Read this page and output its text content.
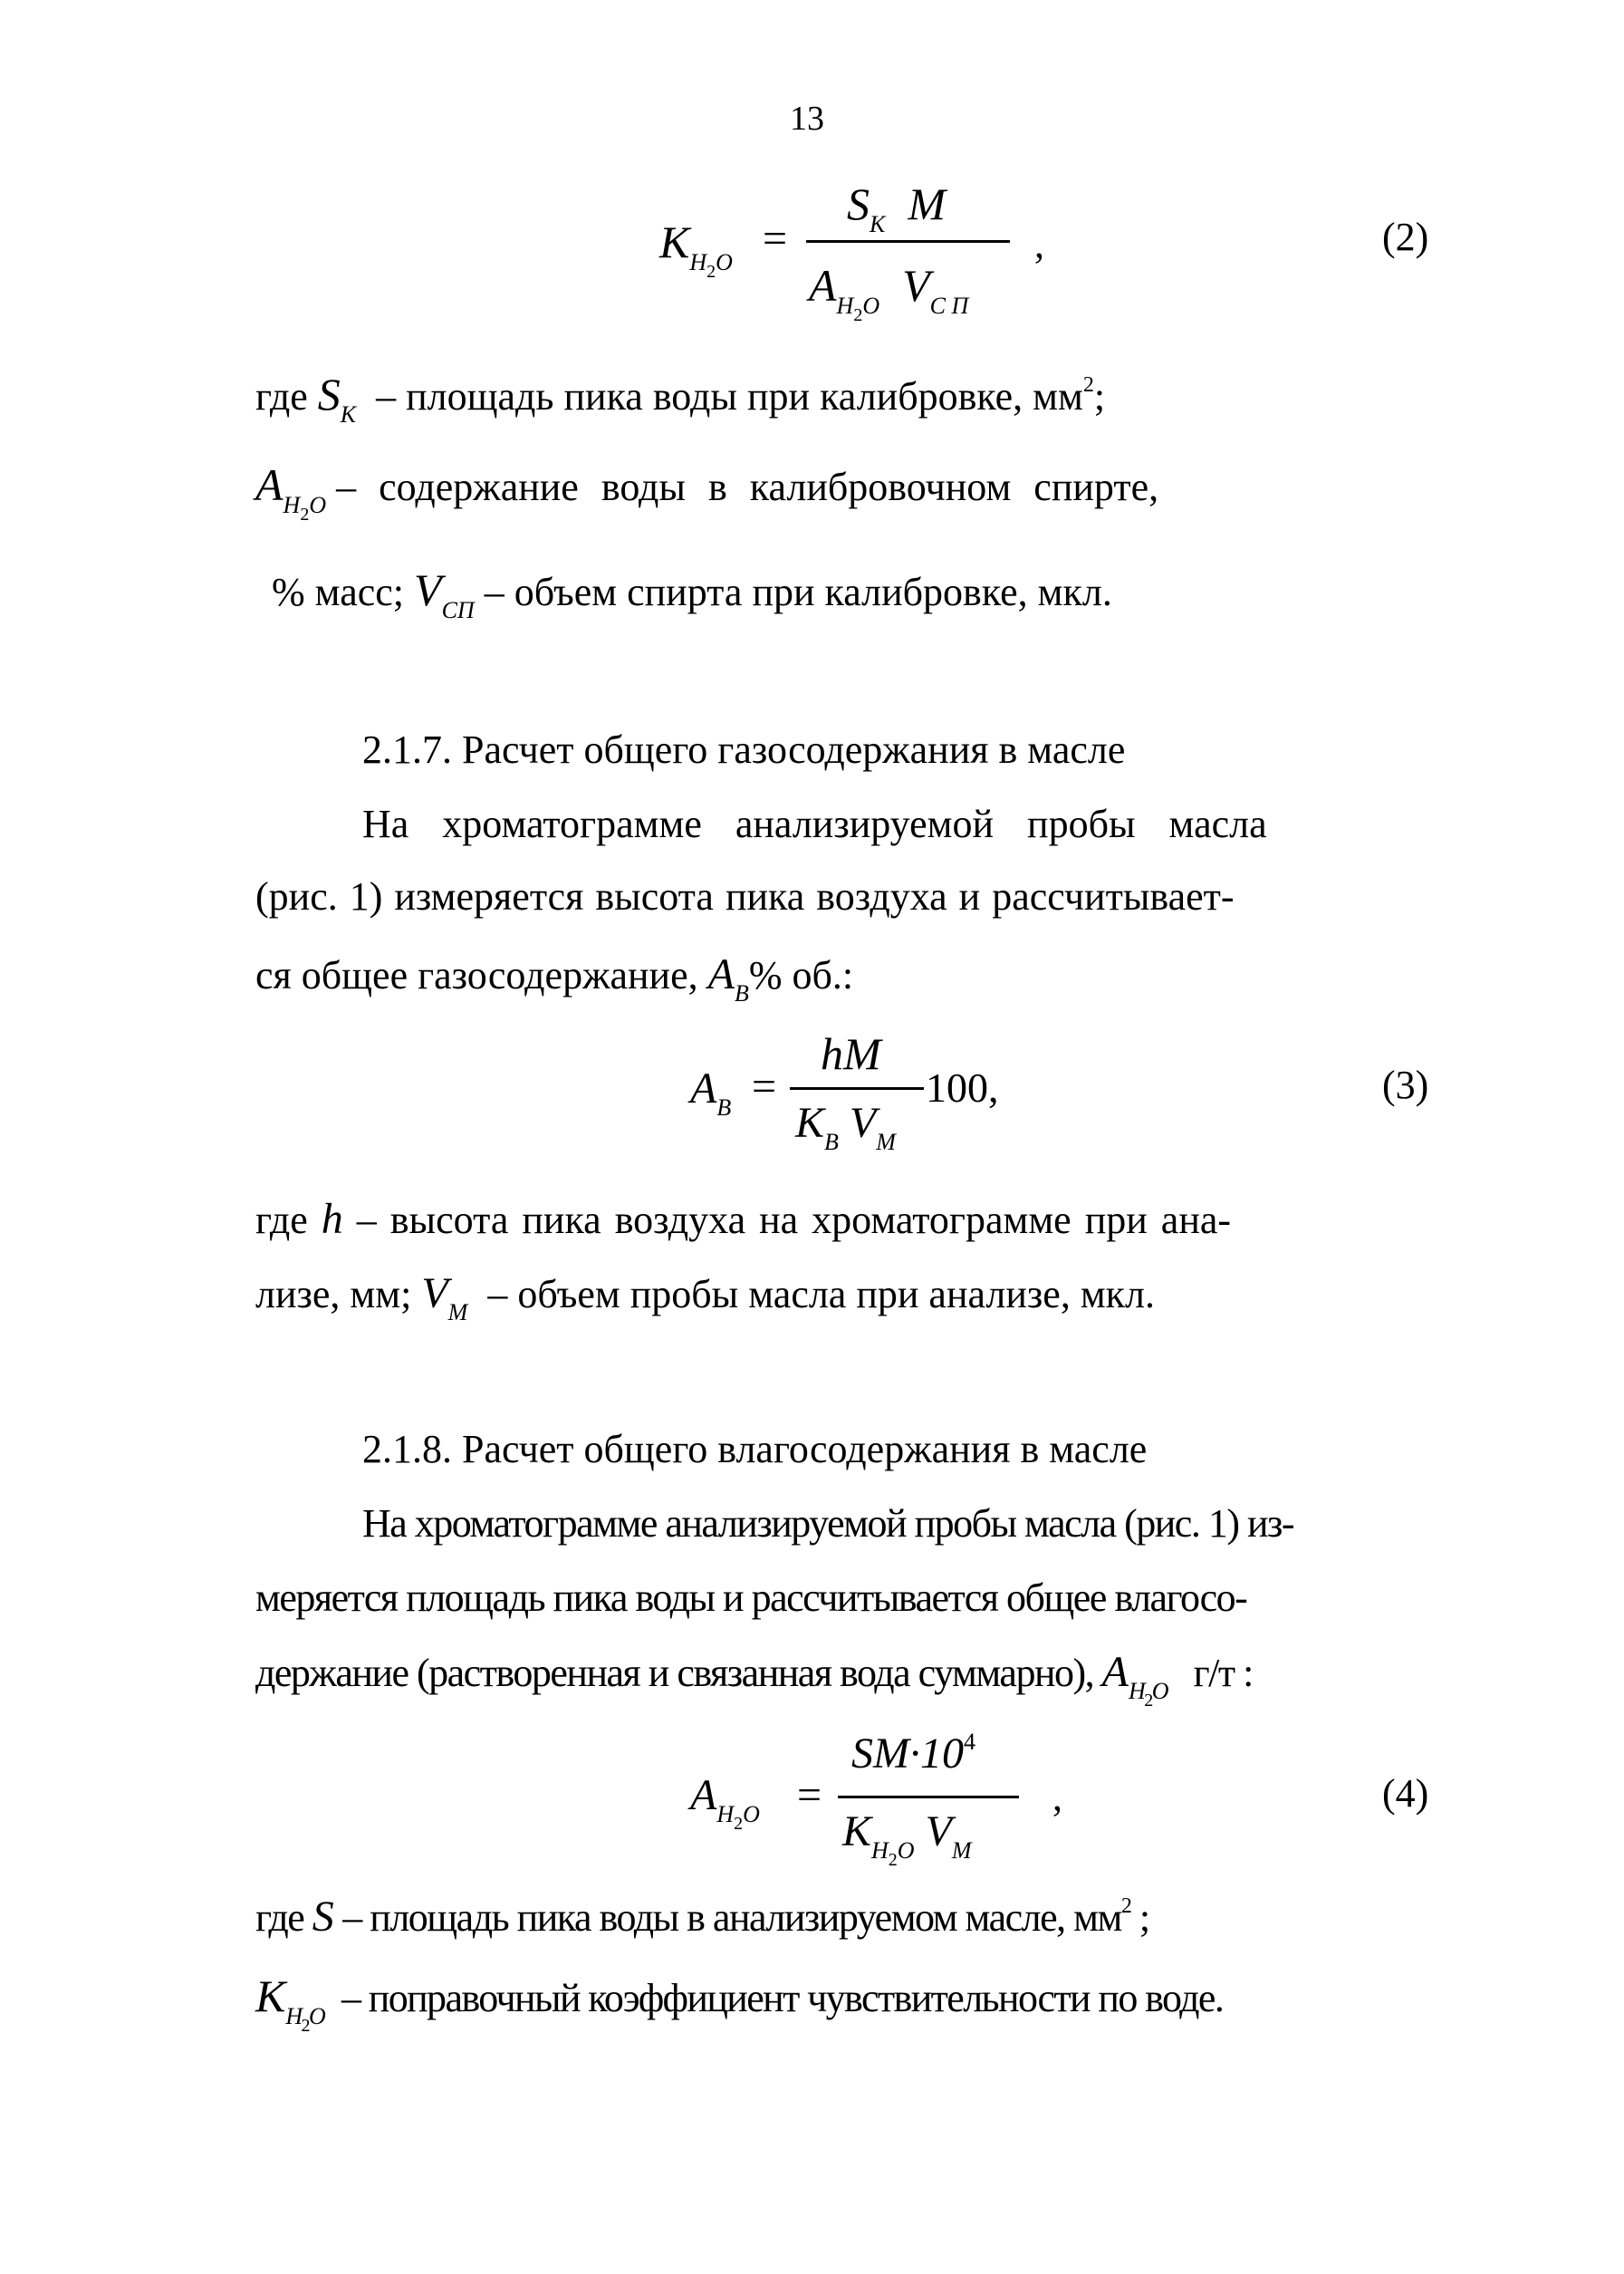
13
$K_{H2O}$ =
$S_K$ M
$A_{H2O}$ $V_{С П}$
,	(2)
где $S_K$ – площадь пика воды при калибровке, $мм^2$;
$A_{H2O}$ – содержание воды в калибровочном спирте,
% масс; $V_{СП}$ – объем спирта при калибровке, мкл.
2.1.7. Расчет общего газосодержания в масле
На хроматограмме анализируемой пробы масла
(рис. 1) измеряется высота пика воздуха и рассчитывает-
ся общее газосодержание, $A_B\%$ об.:
$A_B$ =
hM
$K_B$ $V_M$
100,	(3)
где h – высота пика воздуха на хроматограмме при ана-
лизе, мм; $V_M$ – объем пробы масла при анализе, мкл.
2.1.8. Расчет общего влагосодержания в масле
На хроматограмме анализируемой пробы масла (рис. 1) из-
меряется площадь пика воды и рассчитывается общее влагосо-
держание (растворенная и связанная вода суммарно), $A_{H2O}$ г/т :
$A_{H2O}$ =
$SM\cdot 10^4$
$K_{H2O}$ $V_M$
,	(4)
где S – площадь пика воды в анализируемом масле, $мм^2$ ;
$K_{H2O}$ – поправочный коэффициент чувствительности по воде.
